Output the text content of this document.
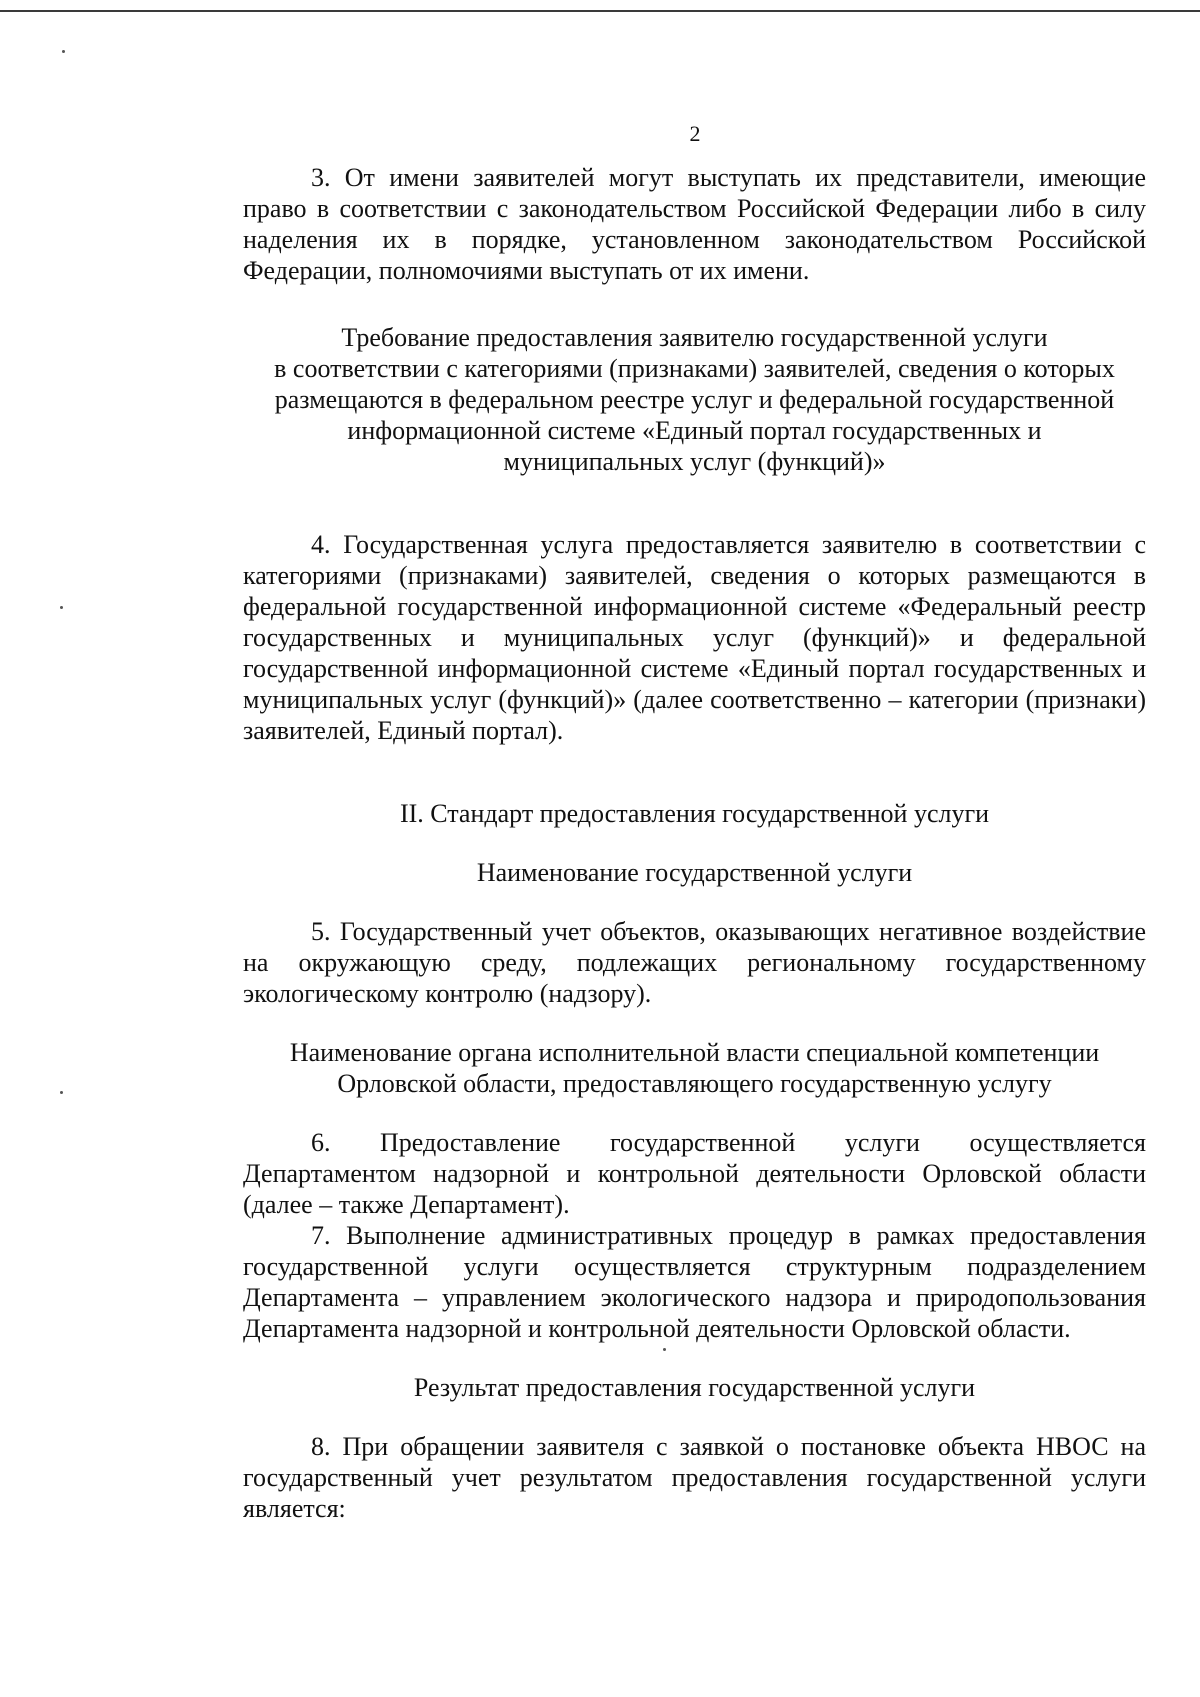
2

3. От имени заявителей могут выступать их представители, имеющие право в соответствии с законодательством Российской Федерации либо в силу наделения их в порядке, установленном законодательством Российской Федерации, полномочиями выступать от их имени.

Требование предоставления заявителю государственной услуги
в соответствии с категориями (признаками) заявителей, сведения о которых
размещаются в федеральном реестре услуг и федеральной государственной
информационной системе «Единый портал государственных и
муниципальных услуг (функций)»

4. Государственная услуга предоставляется заявителю в соответствии с категориями (признаками) заявителей, сведения о которых размещаются в федеральной государственной информационной системе «Федеральный реестр государственных и муниципальных услуг (функций)» и федеральной государственной информационной системе «Единый портал государственных и муниципальных услуг (функций)» (далее соответственно – категории (признаки) заявителей, Единый портал).

II. Стандарт предоставления государственной услуги
Наименование государственной услуги

5. Государственный учет объектов, оказывающих негативное воздействие на окружающую среду, подлежащих региональному государственному экологическому контролю (надзору).

Наименование органа исполнительной власти специальной компетенции
Орловской области, предоставляющего государственную услугу

6. Предоставление государственной услуги осуществляется Департаментом надзорной и контрольной деятельности Орловской области (далее – также Департамент).

7. Выполнение административных процедур в рамках предоставления государственной услуги осуществляется структурным подразделением Департамента – управлением экологического надзора и природопользования Департамента надзорной и контрольной деятельности Орловской области.

Результат предоставления государственной услуги

8. При обращении заявителя с заявкой о постановке объекта НВОС на государственный учет результатом предоставления государственной услуги является:
